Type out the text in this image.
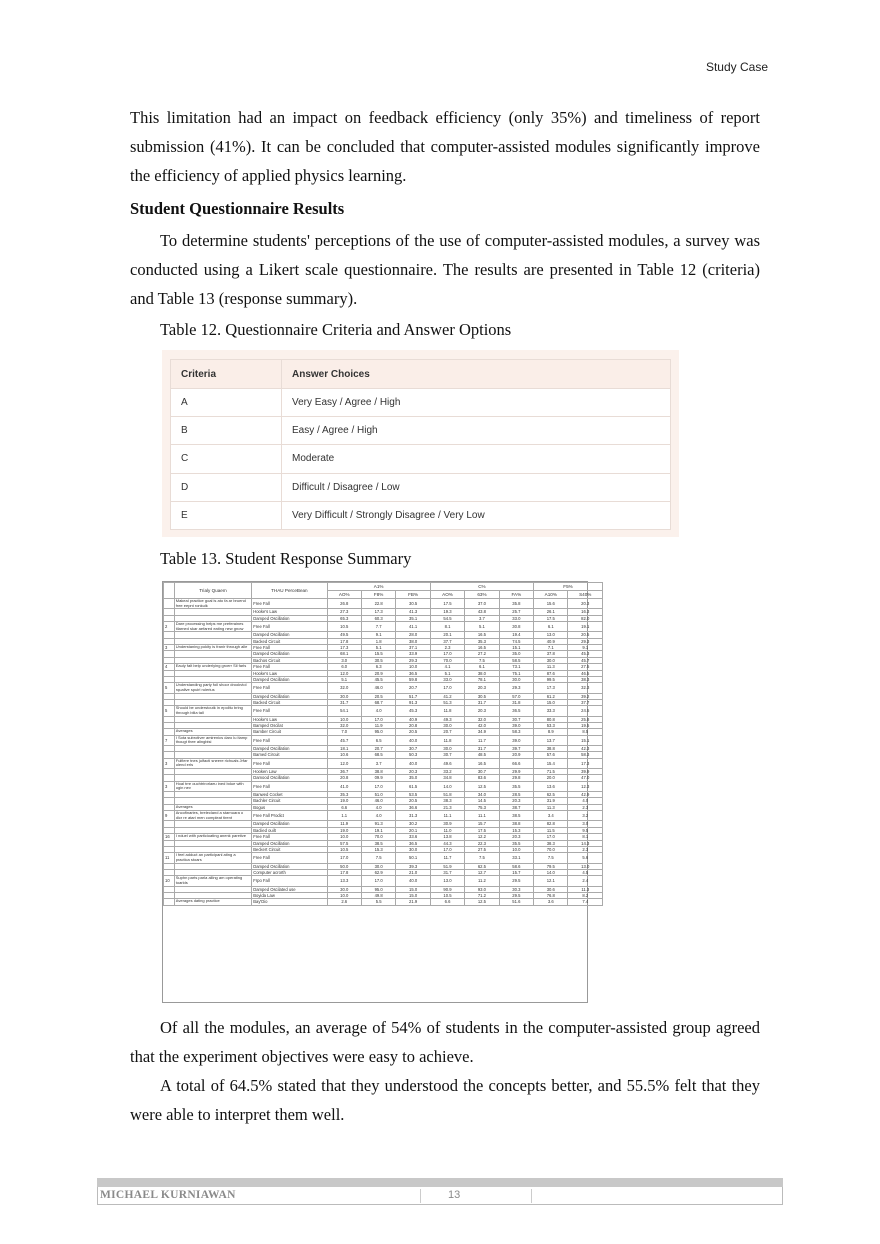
Study Case

This limitation had an impact on feedback efficiency (only 35%) and timeliness of report submission (41%). It can be concluded that computer-assisted modules significantly improve the efficiency of applied physics learning.

Student Questionnaire Results

To determine students' perceptions of the use of computer-assisted modules, a survey was conducted using a Likert scale questionnaire. The results are presented in Table 12 (criteria) and Table 13 (response summary).

Table 12. Questionnaire Criteria and Answer Options
Criteria	Answer Choices
A	Very Easy / Agree / High
B	Easy / Agree / High
C	Moderate
D	Difficult / Disagree / Low
E	Very Difficult / Strongly Disagree / Very Low
Table 13. Student Response Summary
	Trialy Quaem	THAU PerceBean	A1%			C%			F5%	
			AO%	F8%	FB%	AO%	63%	FA%	A10%	S40%
	Makeal practice goal is ato fa ar bruend free eepnt ronkulk	Free Fall	26.8	22.8	30.5	17.5	37.0	35.8	15.6	20.3
		Hooke's Law	27.3	17.3	41.3	19.3	43.8	25.7	26.1	16.3
		Damped Oscillation	65.3	60.3	35.1	54.5	3.7	33.0	17.5	82.0
2	Dare processing helps me preferaines tilarned skar aefared eating new gnow	Free Fall	10.5	7.7	41.1	8.1	5.1	30.8	6.1	19.1
		Damped Oscillation	49.5	9.1	28.0	20.1	16.5	19.4	13.0	20.5
		Backed Circuit	17.8	1.8	38.0	37.7	35.3	74.5	40.9	29.3
3	Understaning pokity is franir through alle	Free Fall	17.3	5.1	37.1	2.3	16.5	15.1	7.1	9.1
		Damped Oscillation	68.1	15.5	33.9	17.0	27.2	35.0	37.8	45.3
		Bachos Circuit	3.0	30.5	29.3	70.0	7.5	58.5	30.0	45.7
4	Eauly falt belp underlying grcerr Sil farls	Free Fall	6.0	6.3	10.0	4.1	6.1	73.1	11.3	27.5
		Hooke's Law	12.0	20.9	36.5	5.1	38.0	75.1	87.6	46.5
		Damped Oscillation	5.1	45.5	59.8	33.0	78.1	30.0	99.5	38.3
5	Understanding party foil shoor drookvtol rquallve spuirl rulerius	Free Fall	32.0	46.0	20.7	17.0	20.3	29.3	17.3	32.3
		Damped Oscillation	30.0	20.5	51.7	41.2	30.5	57.0	61.2	39.2
		Backed Circuit	31.7	68.7	91.3	51.3	31.7	31.8	15.0	37.7
5	Should be understoutk in epolitu bring through bilia tall	Free Fall	54.1	4.0	45.3	11.8	20.3	36.5	33.3	24.5
		Hooke's Law	10.0	17.0	40.9	49.3	32.0	30.7	80.8	25.8
		Bamped Oscilat	32.0	11.9	20.8	30.0	42.0	39.0	53.3	19.5
	Averages	Bamber Circuit	7.0	95.0	20.5	20.7	34.9	58.3	8.9	8.5
7	I Sota subrotiver amirenics daro lu itamp thougt thee alingbisi	Free Fall	45.7	6.5	40.0	11.8	11.7	39.0	13.7	15.1
		Damped Oscillation	18.1	20.7	30.7	30.0	31.7	39.7	38.8	42.3
		Bamed Circuit	10.6	68.5	50.3	30.7	48.5	20.9	57.6	58.3
3	Fulfiere tnes julfacti sneere richuals Jrfar ulend erls	Free Fall	12.0	3.7	40.0	49.6	16.5	66.6	15.4	17.3
		Hooken Law	36.7	38.8	20.3	33.2	30.7	29.9	71.5	39.9
		Damood Oscillation	20.8	09.9	35.0	34.8	83.6	29.8	20.0	47.0
3	Hoal trre ouchtrirorlaeu ined bdue with ugin nev	Free Fall	41.0	17.0	61.5	14.0	12.5	35.5	13.6	12.3
		Banwed Cocket	35.3	51.0	53.5	51.8	34.0	28.5	62.5	42.9
		Bachler Circuit	19.0	46.0	20.5	38.3	14.5	20.3	31.9	4.0
	Averages	Bogus	6.6	4.0	36.6	21.3	75.3	38.7	11.3	2.3
9	Ancofinaries, brelecland a starnuara o dicr re atari men compleat tirent	Free Fall Prodict	1.1	4.0	31.3	11.1	11.1	38.5	3.4	3.2
		Damped Oscillation	11.9	91.3	30.2	30.9	15.7	38.8	82.8	3.0
		Baclied ouilt	19.0	19.1	20.1	11.0	17.5	15.3	11.5	9.5
16	I nduel with particioating anenk paretive	Free Fall	10.0	70.0	33.6	13.8	12.2	20.3	17.0	8.1
		Damped Oscillation	57.5	38.5	36.5	44.3	22.3	35.5	38.3	14.3
		Beckert Circuit	10.5	15.3	30.0	17.0	27.5	10.0	70.0	2.3
11	I feel adduct an participanl ating a practica stoars	Free Fall	17.0	7.5	50.1	11.7	7.5	33.1	7.5	5.6
		Damped Oscillation	50.0	30.0	39.3	51.9	62.5	58.6	79.5	13.0
		Computer acrorth	17.8	62.9	21.0	31.7	12.7	15.7	14.0	4.5
10	Suphn parts parla alling am operating toarlds	Frpo Fall	13.3	17.0	40.0	13.0	11.2	29.5	12.1	2.4
		Damped Oscilated use	30.0	95.0	15.0	90.9	93.0	30.3	30.6	11.3
		Boyida Law	10.0	49.8	15.0	10.5	71.2	29.5	76.8	8.2
	Averages dating practice	Bay'Dio	2.6	5.5	21.9	6.6	12.5	51.6	3.6	7.4

Of all the modules, an average of 54% of students in the computer-assisted group agreed that the experiment objectives were easy to achieve.

A total of 64.5% stated that they understood the concepts better, and 55.5% felt that they were able to interpret them well.

MICHAEL KURNIAWAN	13
